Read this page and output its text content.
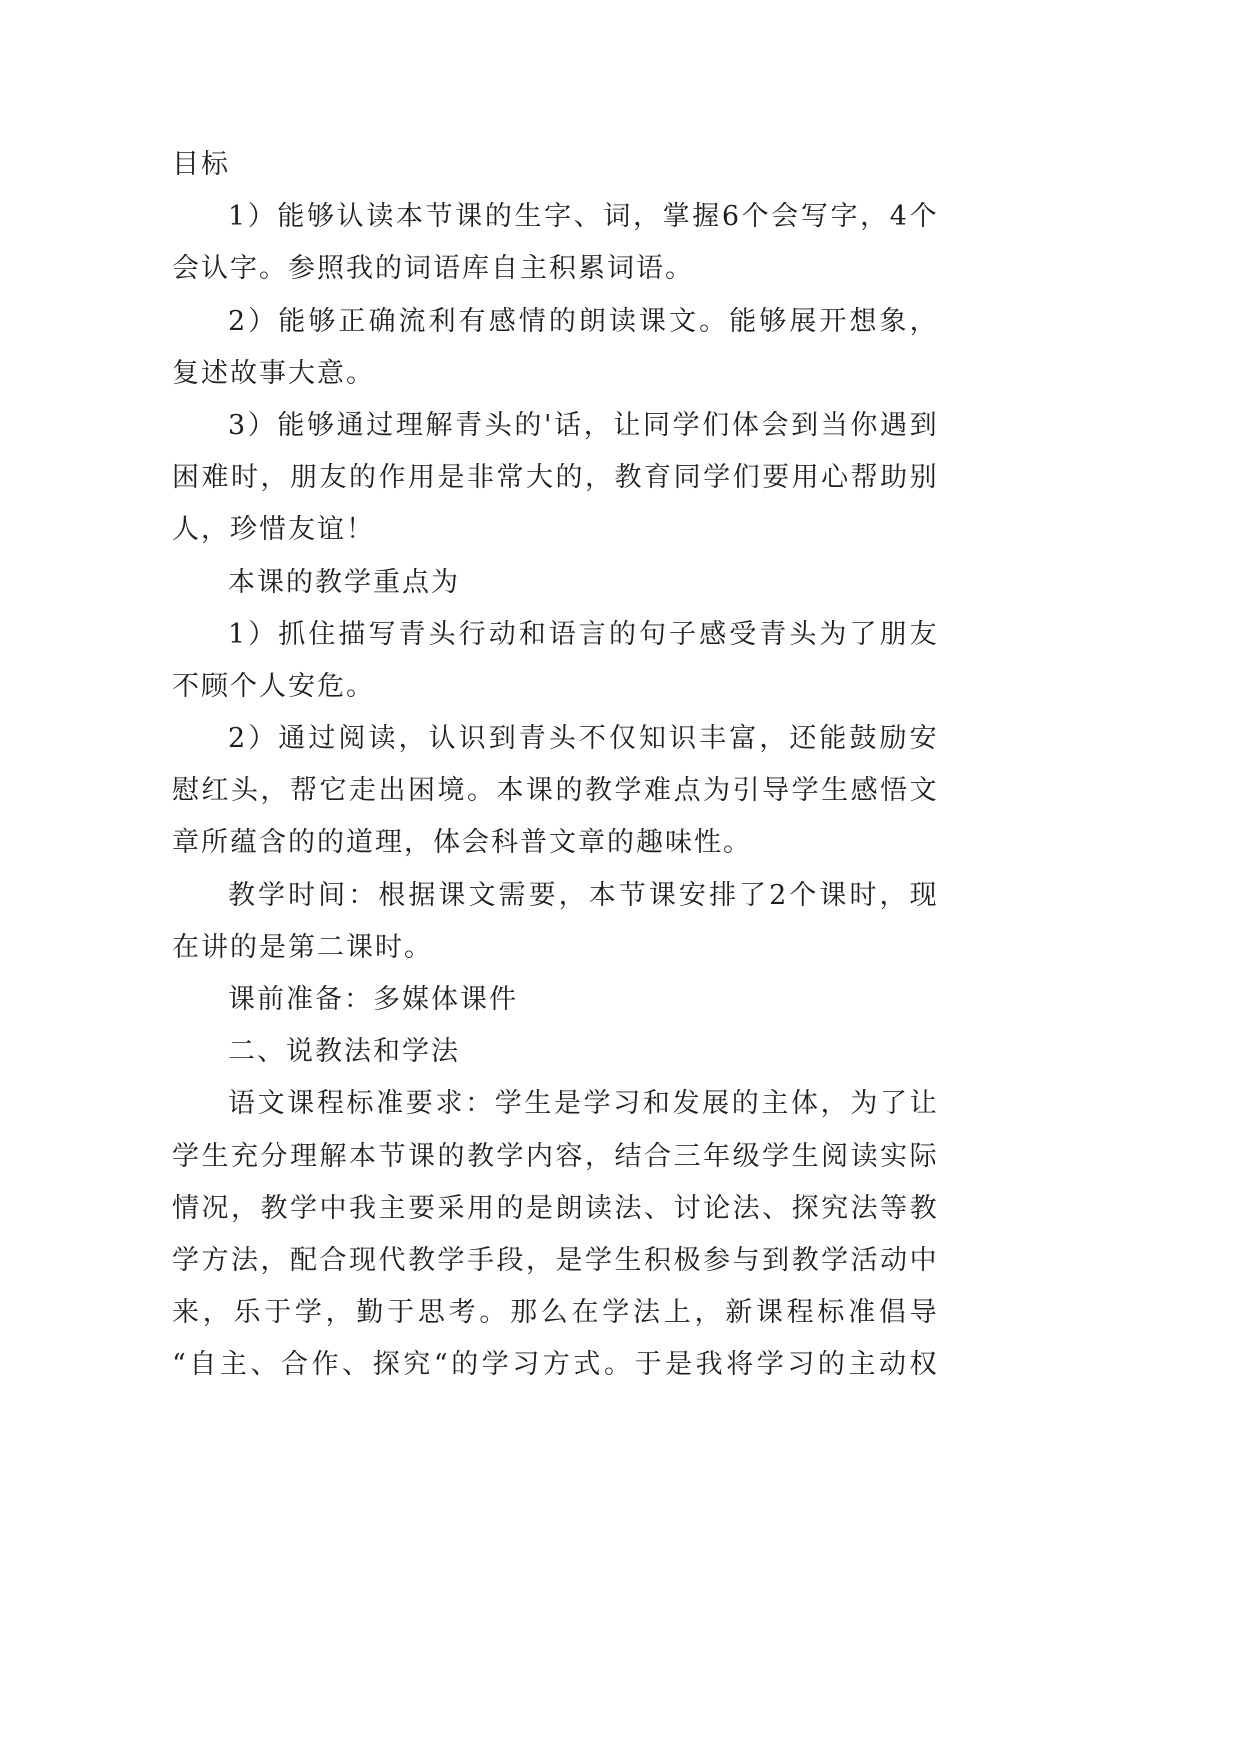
目标
1）能够认读本节课的生字、词，掌握6个会写字，4个
会认字。参照我的词语库自主积累词语。
2）能够正确流利有感情的朗读课文。能够展开想象，
复述故事大意。
3）能够通过理解青头的'话，让同学们体会到当你遇到
困难时，朋友的作用是非常大的，教育同学们要用心帮助别
人，珍惜友谊！
本课的教学重点为
1）抓住描写青头行动和语言的句子感受青头为了朋友
不顾个人安危。
2）通过阅读，认识到青头不仅知识丰富，还能鼓励安
慰红头，帮它走出困境。本课的教学难点为引导学生感悟文
章所蕴含的的道理，体会科普文章的趣味性。
教学时间：根据课文需要，本节课安排了2个课时，现
在讲的是第二课时。
课前准备：多媒体课件
二、说教法和学法
语文课程标准要求：学生是学习和发展的主体，为了让
学生充分理解本节课的教学内容，结合三年级学生阅读实际
情况，教学中我主要采用的是朗读法、讨论法、探究法等教
学方法，配合现代教学手段，是学生积极参与到教学活动中
来，乐于学，勤于思考。那么在学法上，新课程标准倡导
“自主、合作、探究“的学习方式。于是我将学习的主动权
